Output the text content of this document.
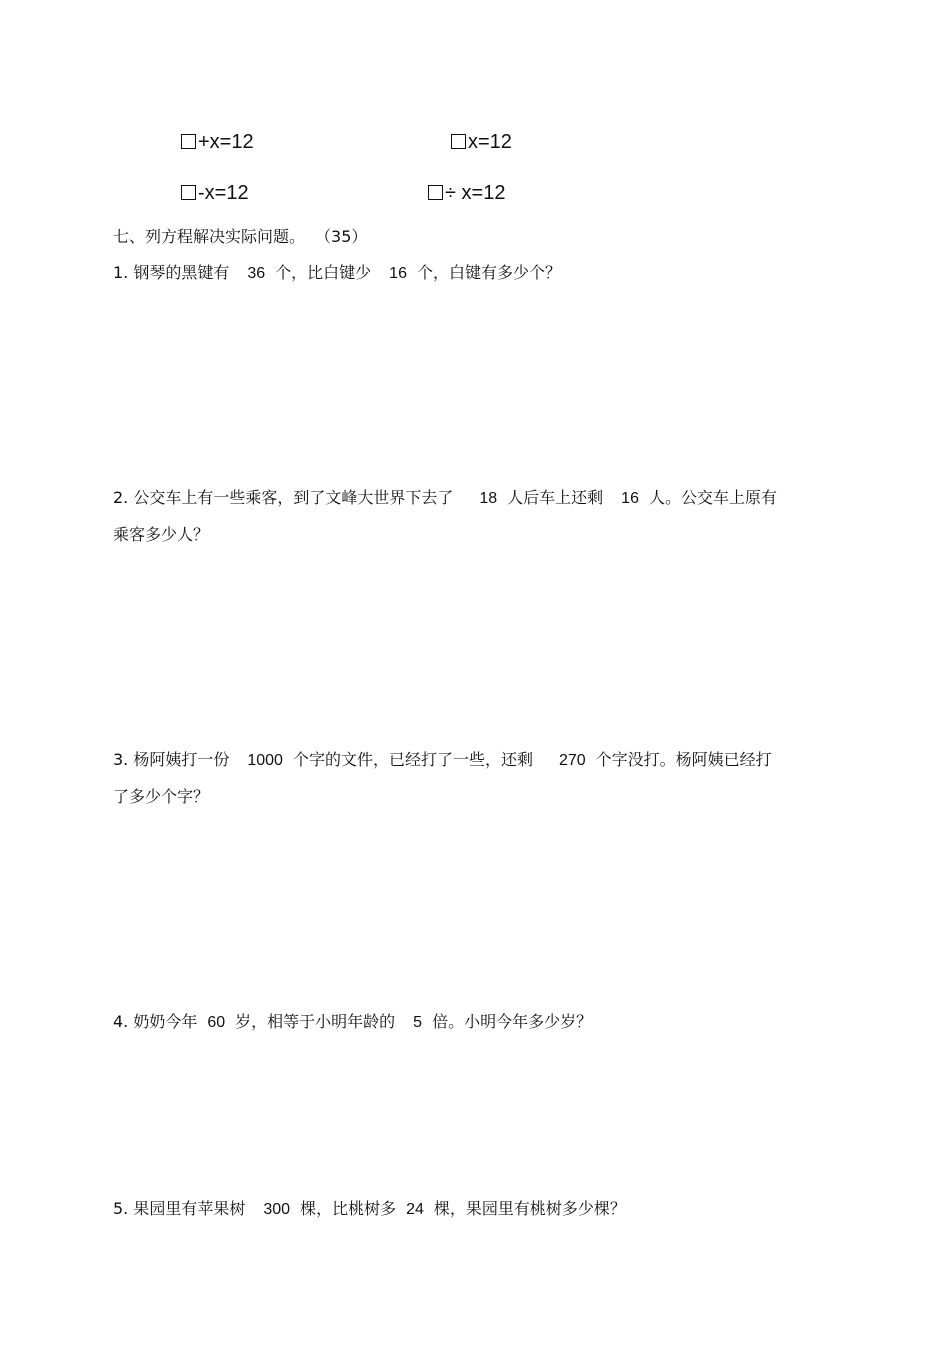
+x=12	x=12
-x=12	÷ x=12
七、列方程解决实际问题。 （35）
1. 钢琴的黑键有 36 个，比白键少 16 个，白键有多少个？
2. 公交车上有一些乘客，到了文峰大世界下去了 18 人后车上还剩 16 人。公交车上原有
乘客多少人？
3. 杨阿姨打一份 1000 个字的文件，已经打了一些，还剩 270 个字没打。杨阿姨已经打
了多少个字？
4. 奶奶今年 60 岁，相等于小明年龄的 5 倍。小明今年多少岁？
5. 果园里有苹果树 300 棵，比桃树多 24 棵，果园里有桃树多少棵？
